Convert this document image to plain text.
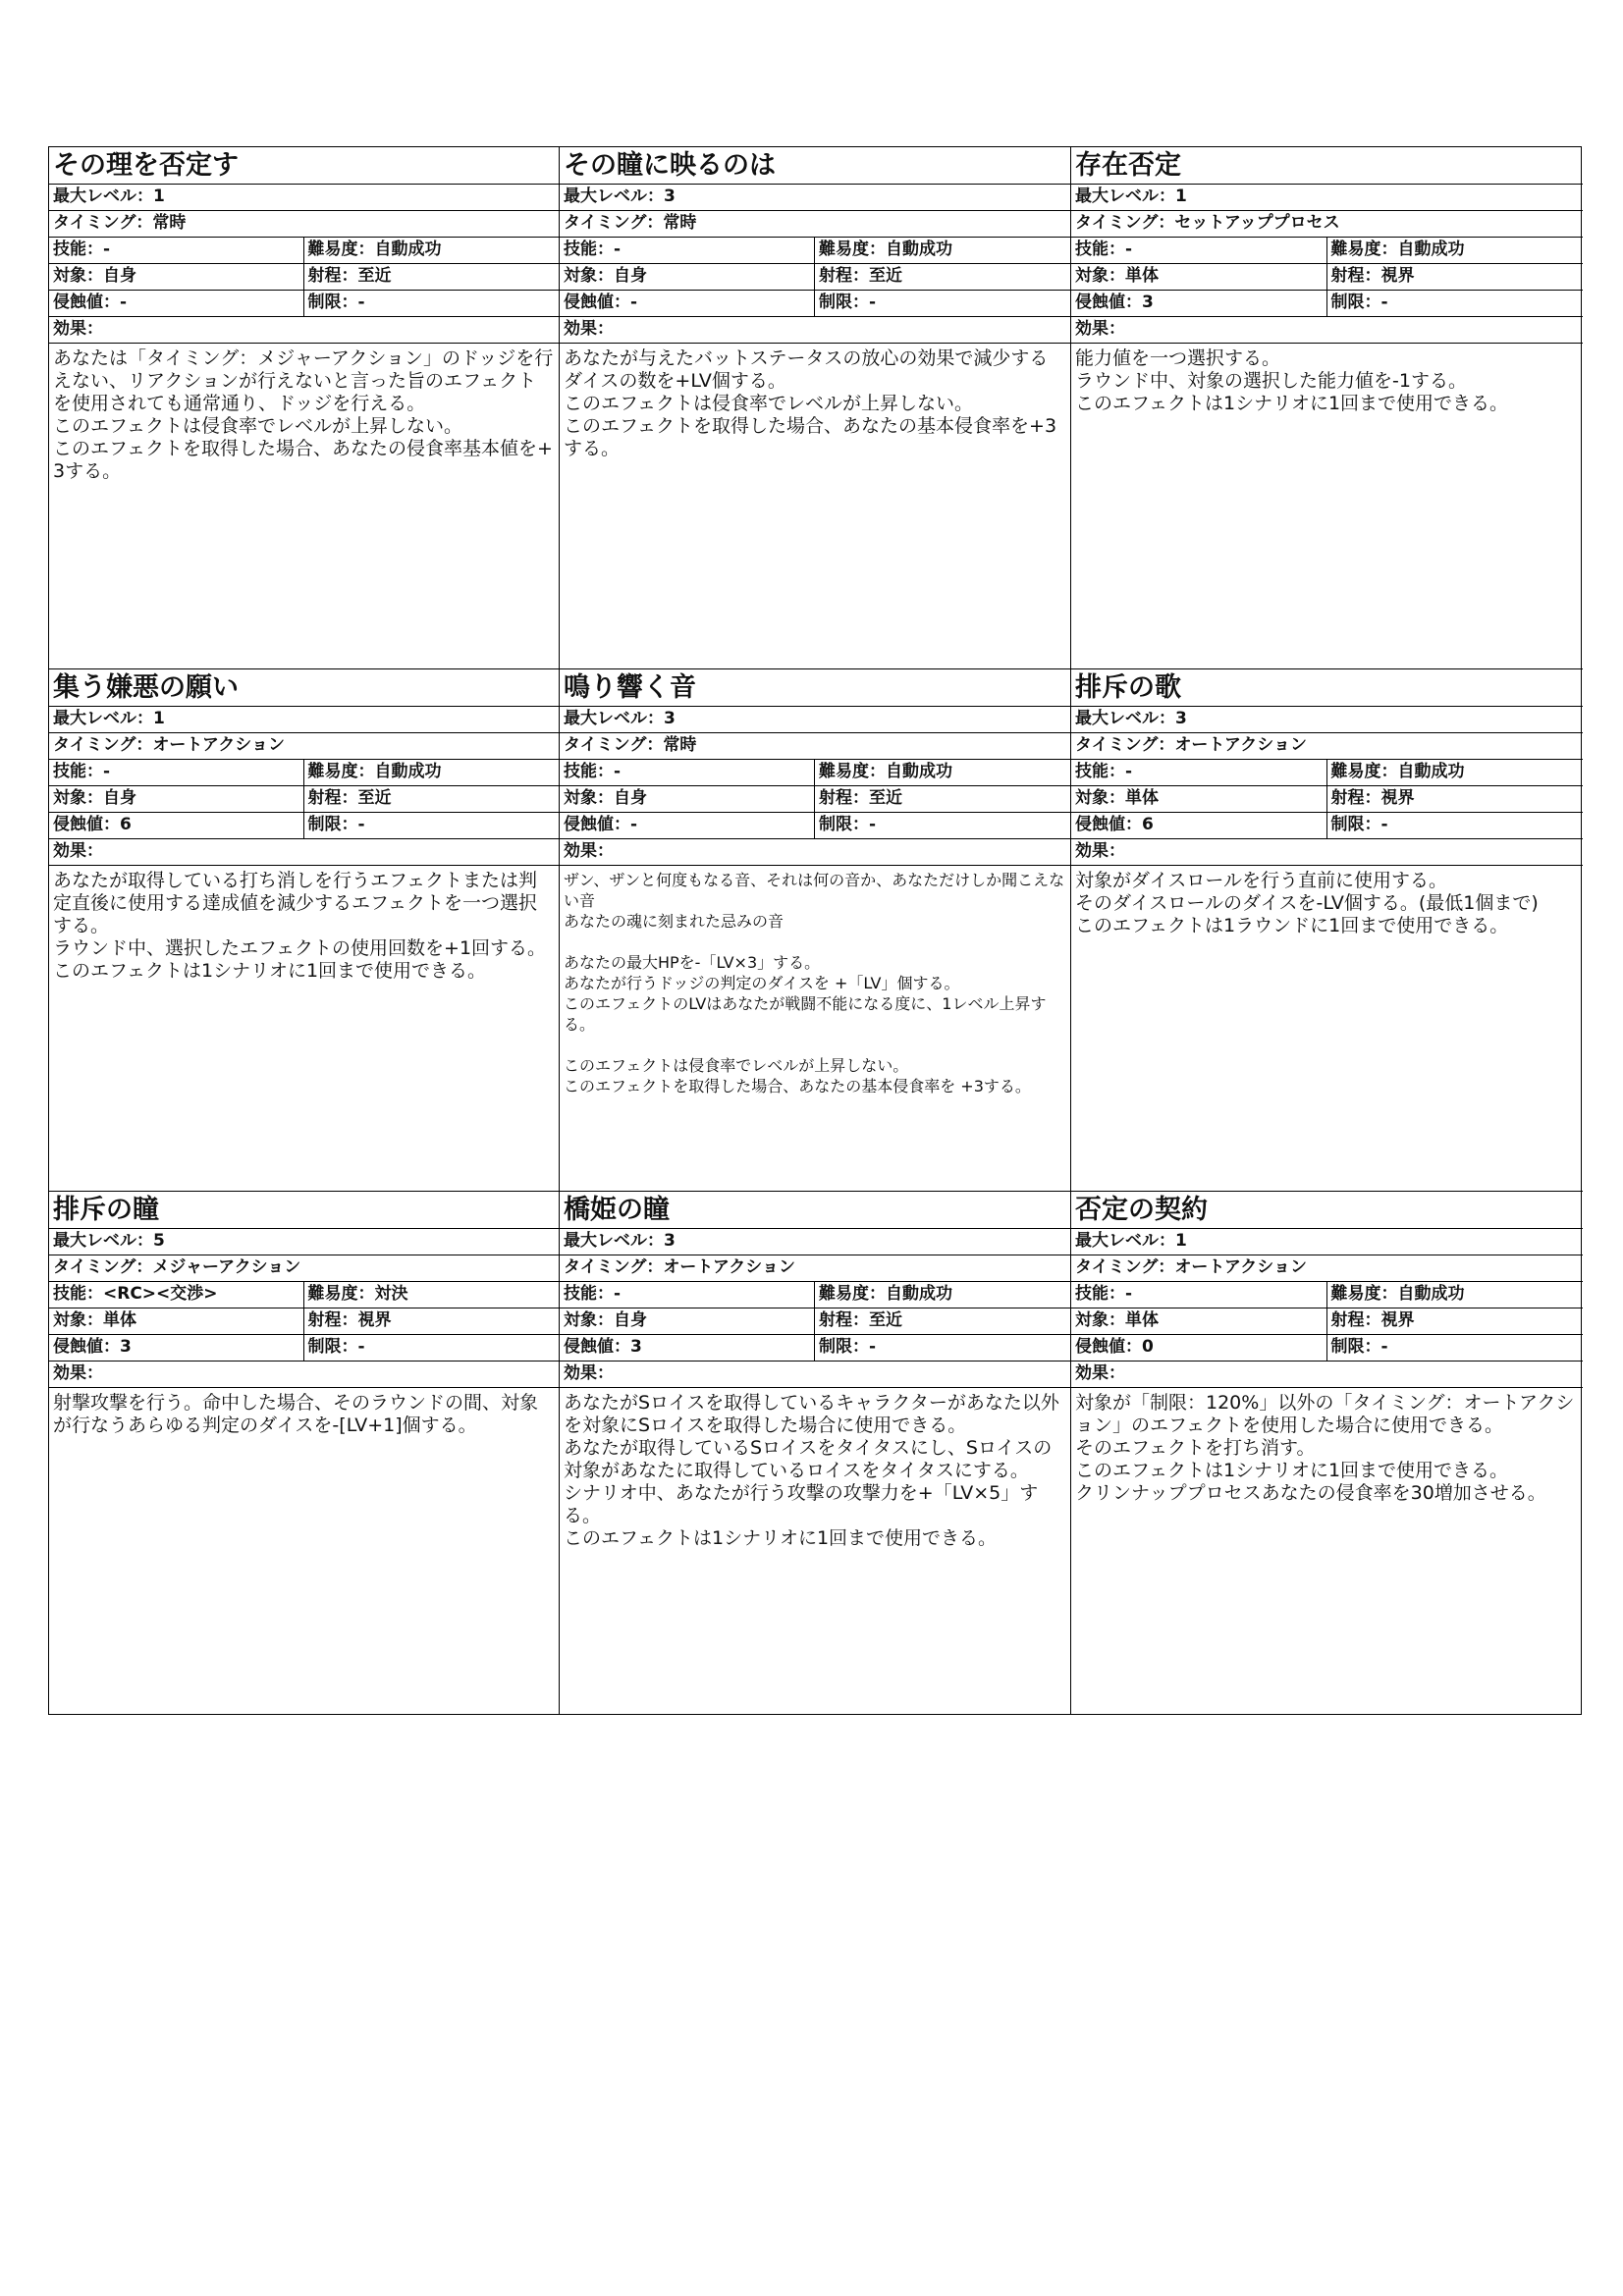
その理を否定す
最大レベル：1
タイミング：常時
技能：-	難易度：自動成功
対象：自身	射程：至近
侵蝕値：-	制限：-
効果：
あなたは「タイミング：メジャーアクション」のドッジを行えない、リアクションが行えないと言った旨のエフェクトを使用されても通常通り、ドッジを行える。
このエフェクトは侵食率でレベルが上昇しない。
このエフェクトを取得した場合、あなたの侵食率基本値を+3する。
その瞳に映るのは
最大レベル：3
タイミング：常時
技能：-	難易度：自動成功
対象：自身	射程：至近
侵蝕値：-	制限：-
効果：
あなたが与えたバットステータスの放心の効果で減少するダイスの数を+LV個する。
このエフェクトは侵食率でレベルが上昇しない。
このエフェクトを取得した場合、あなたの基本侵食率を+3する。
存在否定
最大レベル：1
タイミング：セットアッププロセス
技能：-	難易度：自動成功
対象：単体	射程：視界
侵蝕値：3	制限：-
効果：
能力値を一つ選択する。
ラウンド中、対象の選択した能力値を-1する。
このエフェクトは1シナリオに1回まで使用できる。
集う嫌悪の願い
最大レベル：1
タイミング：オートアクション
技能：-	難易度：自動成功
対象：自身	射程：至近
侵蝕値：6	制限：-
効果：
あなたが取得している打ち消しを行うエフェクトまたは判定直後に使用する達成値を減少するエフェクトを一つ選択する。
ラウンド中、選択したエフェクトの使用回数を+1回する。
このエフェクトは1シナリオに1回まで使用できる。
鳴り響く音
最大レベル：3
タイミング：常時
技能：-	難易度：自動成功
対象：自身	射程：至近
侵蝕値：-	制限：-
効果：
ザン、ザンと何度もなる音、それは何の音か、あなただけしか聞こえない音
あなたの魂に刻まれた忌みの音

あなたの最大HPを-「LV×3」する。
あなたが行うドッジの判定のダイスを +「LV」個する。
このエフェクトのLVはあなたが戦闘不能になる度に、1レベル上昇する。

このエフェクトは侵食率でレベルが上昇しない。
このエフェクトを取得した場合、あなたの基本侵食率を +3する。
排斥の歌
最大レベル：3
タイミング：オートアクション
技能：-	難易度：自動成功
対象：単体	射程：視界
侵蝕値：6	制限：-
効果：
対象がダイスロールを行う直前に使用する。
そのダイスロールのダイスを-LV個する。(最低1個まで)
このエフェクトは1ラウンドに1回まで使用できる。
排斥の瞳
最大レベル：5
タイミング：メジャーアクション
技能：<RC><交渉>	難易度：対決
対象：単体	射程：視界
侵蝕値：3	制限：-
効果：
射撃攻撃を行う。命中した場合、そのラウンドの間、対象が行なうあらゆる判定のダイスを-[LV+1]個する。
橋姫の瞳
最大レベル：3
タイミング：オートアクション
技能：-	難易度：自動成功
対象：自身	射程：至近
侵蝕値：3	制限：-
効果：
あなたがSロイスを取得しているキャラクターがあなた以外を対象にSロイスを取得した場合に使用できる。
あなたが取得しているSロイスをタイタスにし、Sロイスの対象があなたに取得しているロイスをタイタスにする。
シナリオ中、あなたが行う攻撃の攻撃力を+「LV×5」する。
このエフェクトは1シナリオに1回まで使用できる。
否定の契約
最大レベル：1
タイミング：オートアクション
技能：-	難易度：自動成功
対象：単体	射程：視界
侵蝕値：0	制限：-
効果：
対象が「制限：120%」以外の「タイミング：オートアクション」のエフェクトを使用した場合に使用できる。
そのエフェクトを打ち消す。
このエフェクトは1シナリオに1回まで使用できる。
クリンナッププロセスあなたの侵食率を30増加させる。
